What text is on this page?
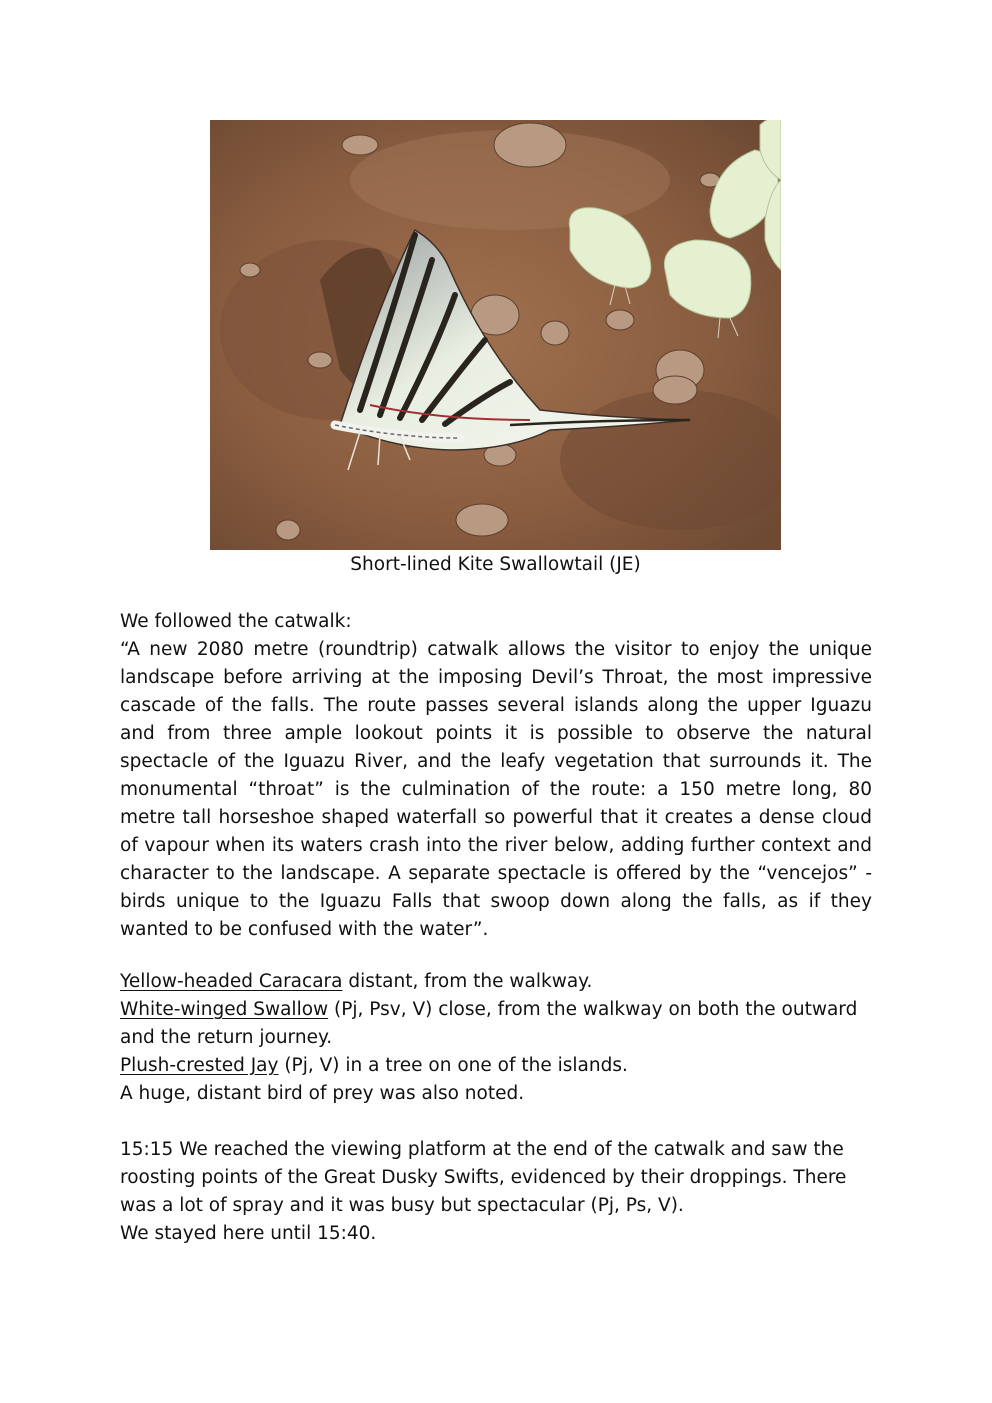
Short-lined Kite Swallowtail (JE)

We followed the catwalk:

“A new 2080 metre (roundtrip) catwalk allows the visitor to enjoy the unique landscape before arriving at the imposing Devil’s Throat, the most impressive cascade of the falls. The route passes several islands along the upper Iguazu and from three ample lookout points it is possible to observe the natural spectacle of the Iguazu River, and the leafy vegetation that surrounds it. The monumental “throat” is the culmination of the route: a 150 metre long, 80 metre tall horseshoe shaped waterfall so powerful that it creates a dense cloud of vapour when its waters crash into the river below, adding further context and character to the landscape. A separate spectacle is offered by the “vencejos” - birds unique to the Iguazu Falls that swoop down along the falls, as if they wanted to be confused with the water”.

Yellow-headed Caracara distant, from the walkway.

White-winged Swallow (Pj, Psv, V) close, from the walkway on both the outward and the return journey.

Plush-crested Jay (Pj, V) in a tree on one of the islands.

A huge, distant bird of prey was also noted.

15:15 We reached the viewing platform at the end of the catwalk and saw the roosting points of the Great Dusky Swifts, evidenced by their droppings. There was a lot of spray and it was busy but spectacular (Pj, Ps, V).

We stayed here until 15:40.
